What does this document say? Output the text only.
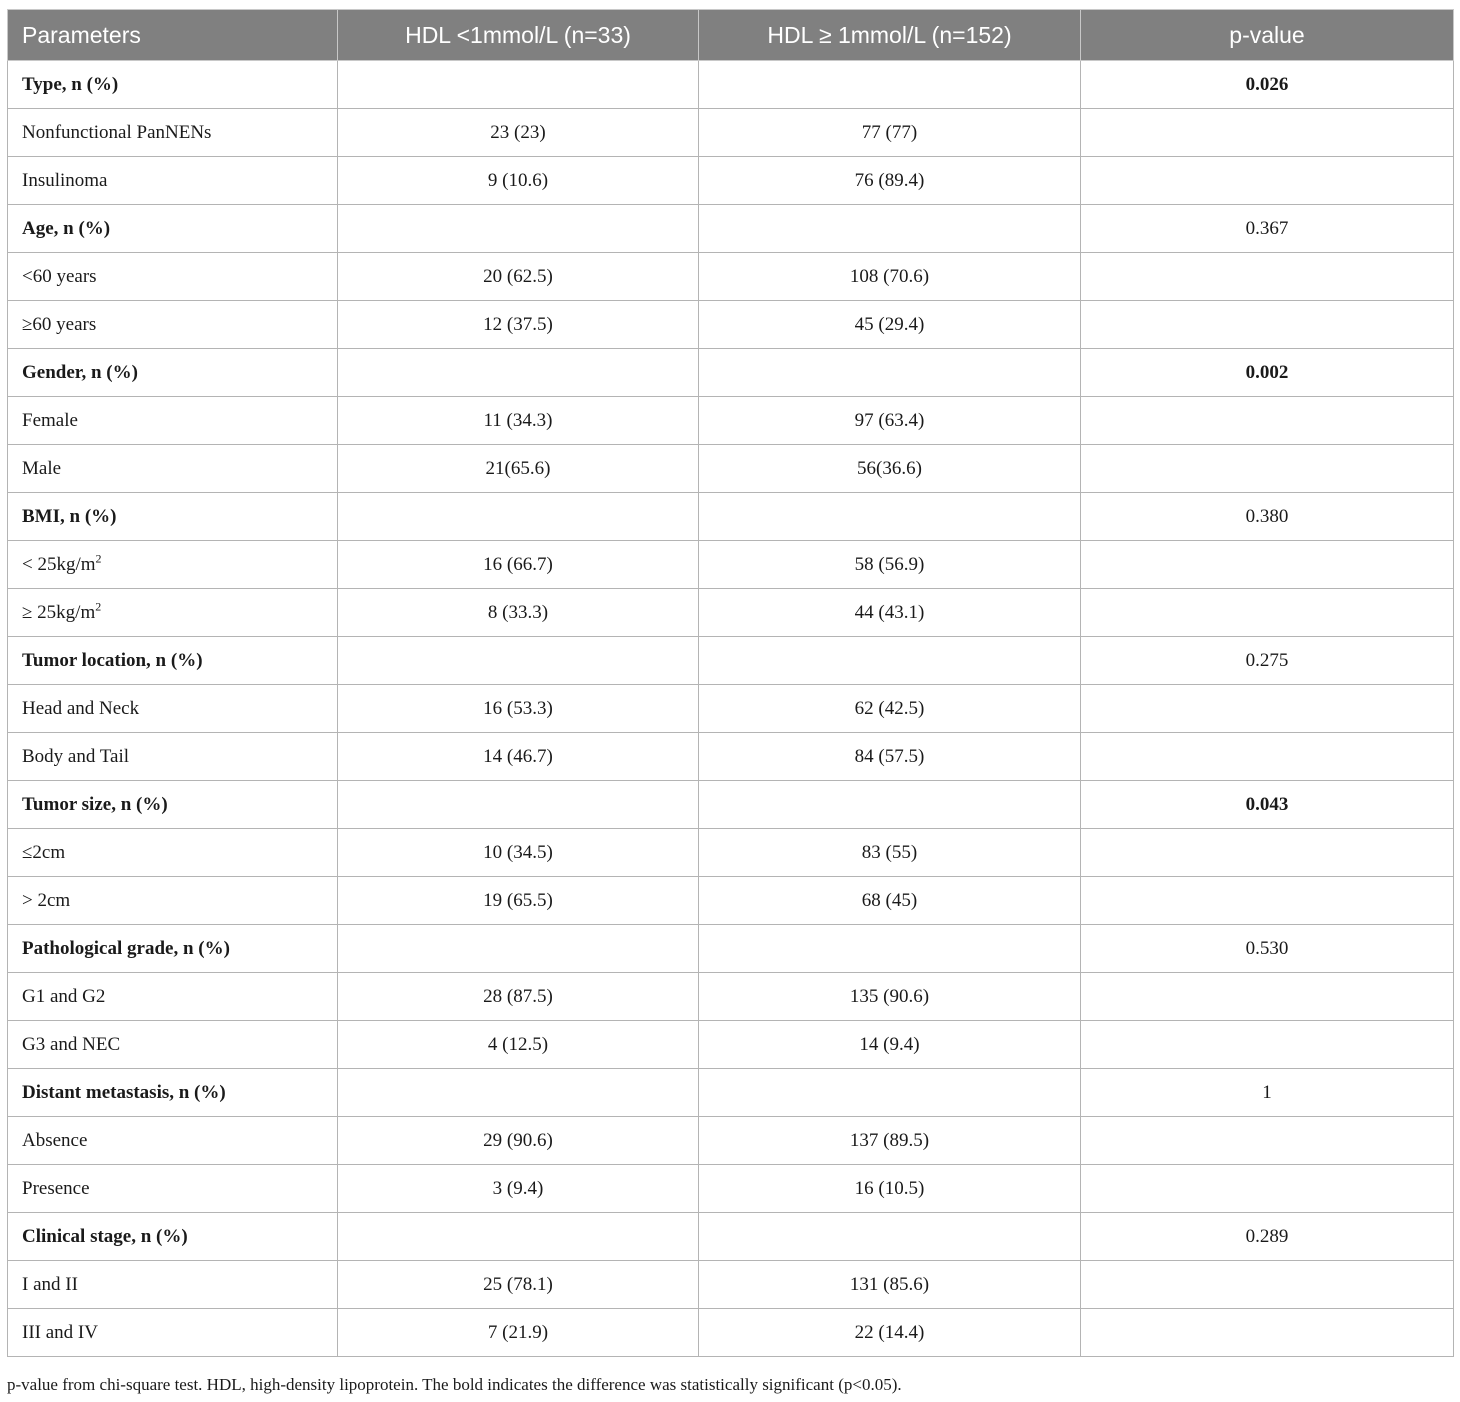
Parameters	HDL <1mmol/L (n=33)	HDL ≥ 1mmol/L (n=152)	p-value
Type, n (%)			0.026
Nonfunctional PanNENs	23 (23)	77 (77)	
Insulinoma	9 (10.6)	76 (89.4)	
Age, n (%)			0.367
<60 years	20 (62.5)	108 (70.6)	
≥60 years	12 (37.5)	45 (29.4)	
Gender, n (%)			0.002
Female	11 (34.3)	97 (63.4)	
Male	21(65.6)	56(36.6)	
BMI, n (%)			0.380
< $25kg/m^2$	16 (66.7)	58 (56.9)	
≥ $25kg/m^2$	8 (33.3)	44 (43.1)	
Tumor location, n (%)			0.275
Head and Neck	16 (53.3)	62 (42.5)	
Body and Tail	14 (46.7)	84 (57.5)	
Tumor size, n (%)			0.043
≤2cm	10 (34.5)	83 (55)	
> 2cm	19 (65.5)	68 (45)	
Pathological grade, n (%)			0.530
G1 and G2	28 (87.5)	135 (90.6)	
G3 and NEC	4 (12.5)	14 (9.4)	
Distant metastasis, n (%)			1
Absence	29 (90.6)	137 (89.5)	
Presence	3 (9.4)	16 (10.5)	
Clinical stage, n (%)			0.289
I and II	25 (78.1)	131 (85.6)	
III and IV	7 (21.9)	22 (14.4)	
p-value from chi-square test. HDL, high-density lipoprotein. The bold indicates the difference was statistically significant (p<0.05).
